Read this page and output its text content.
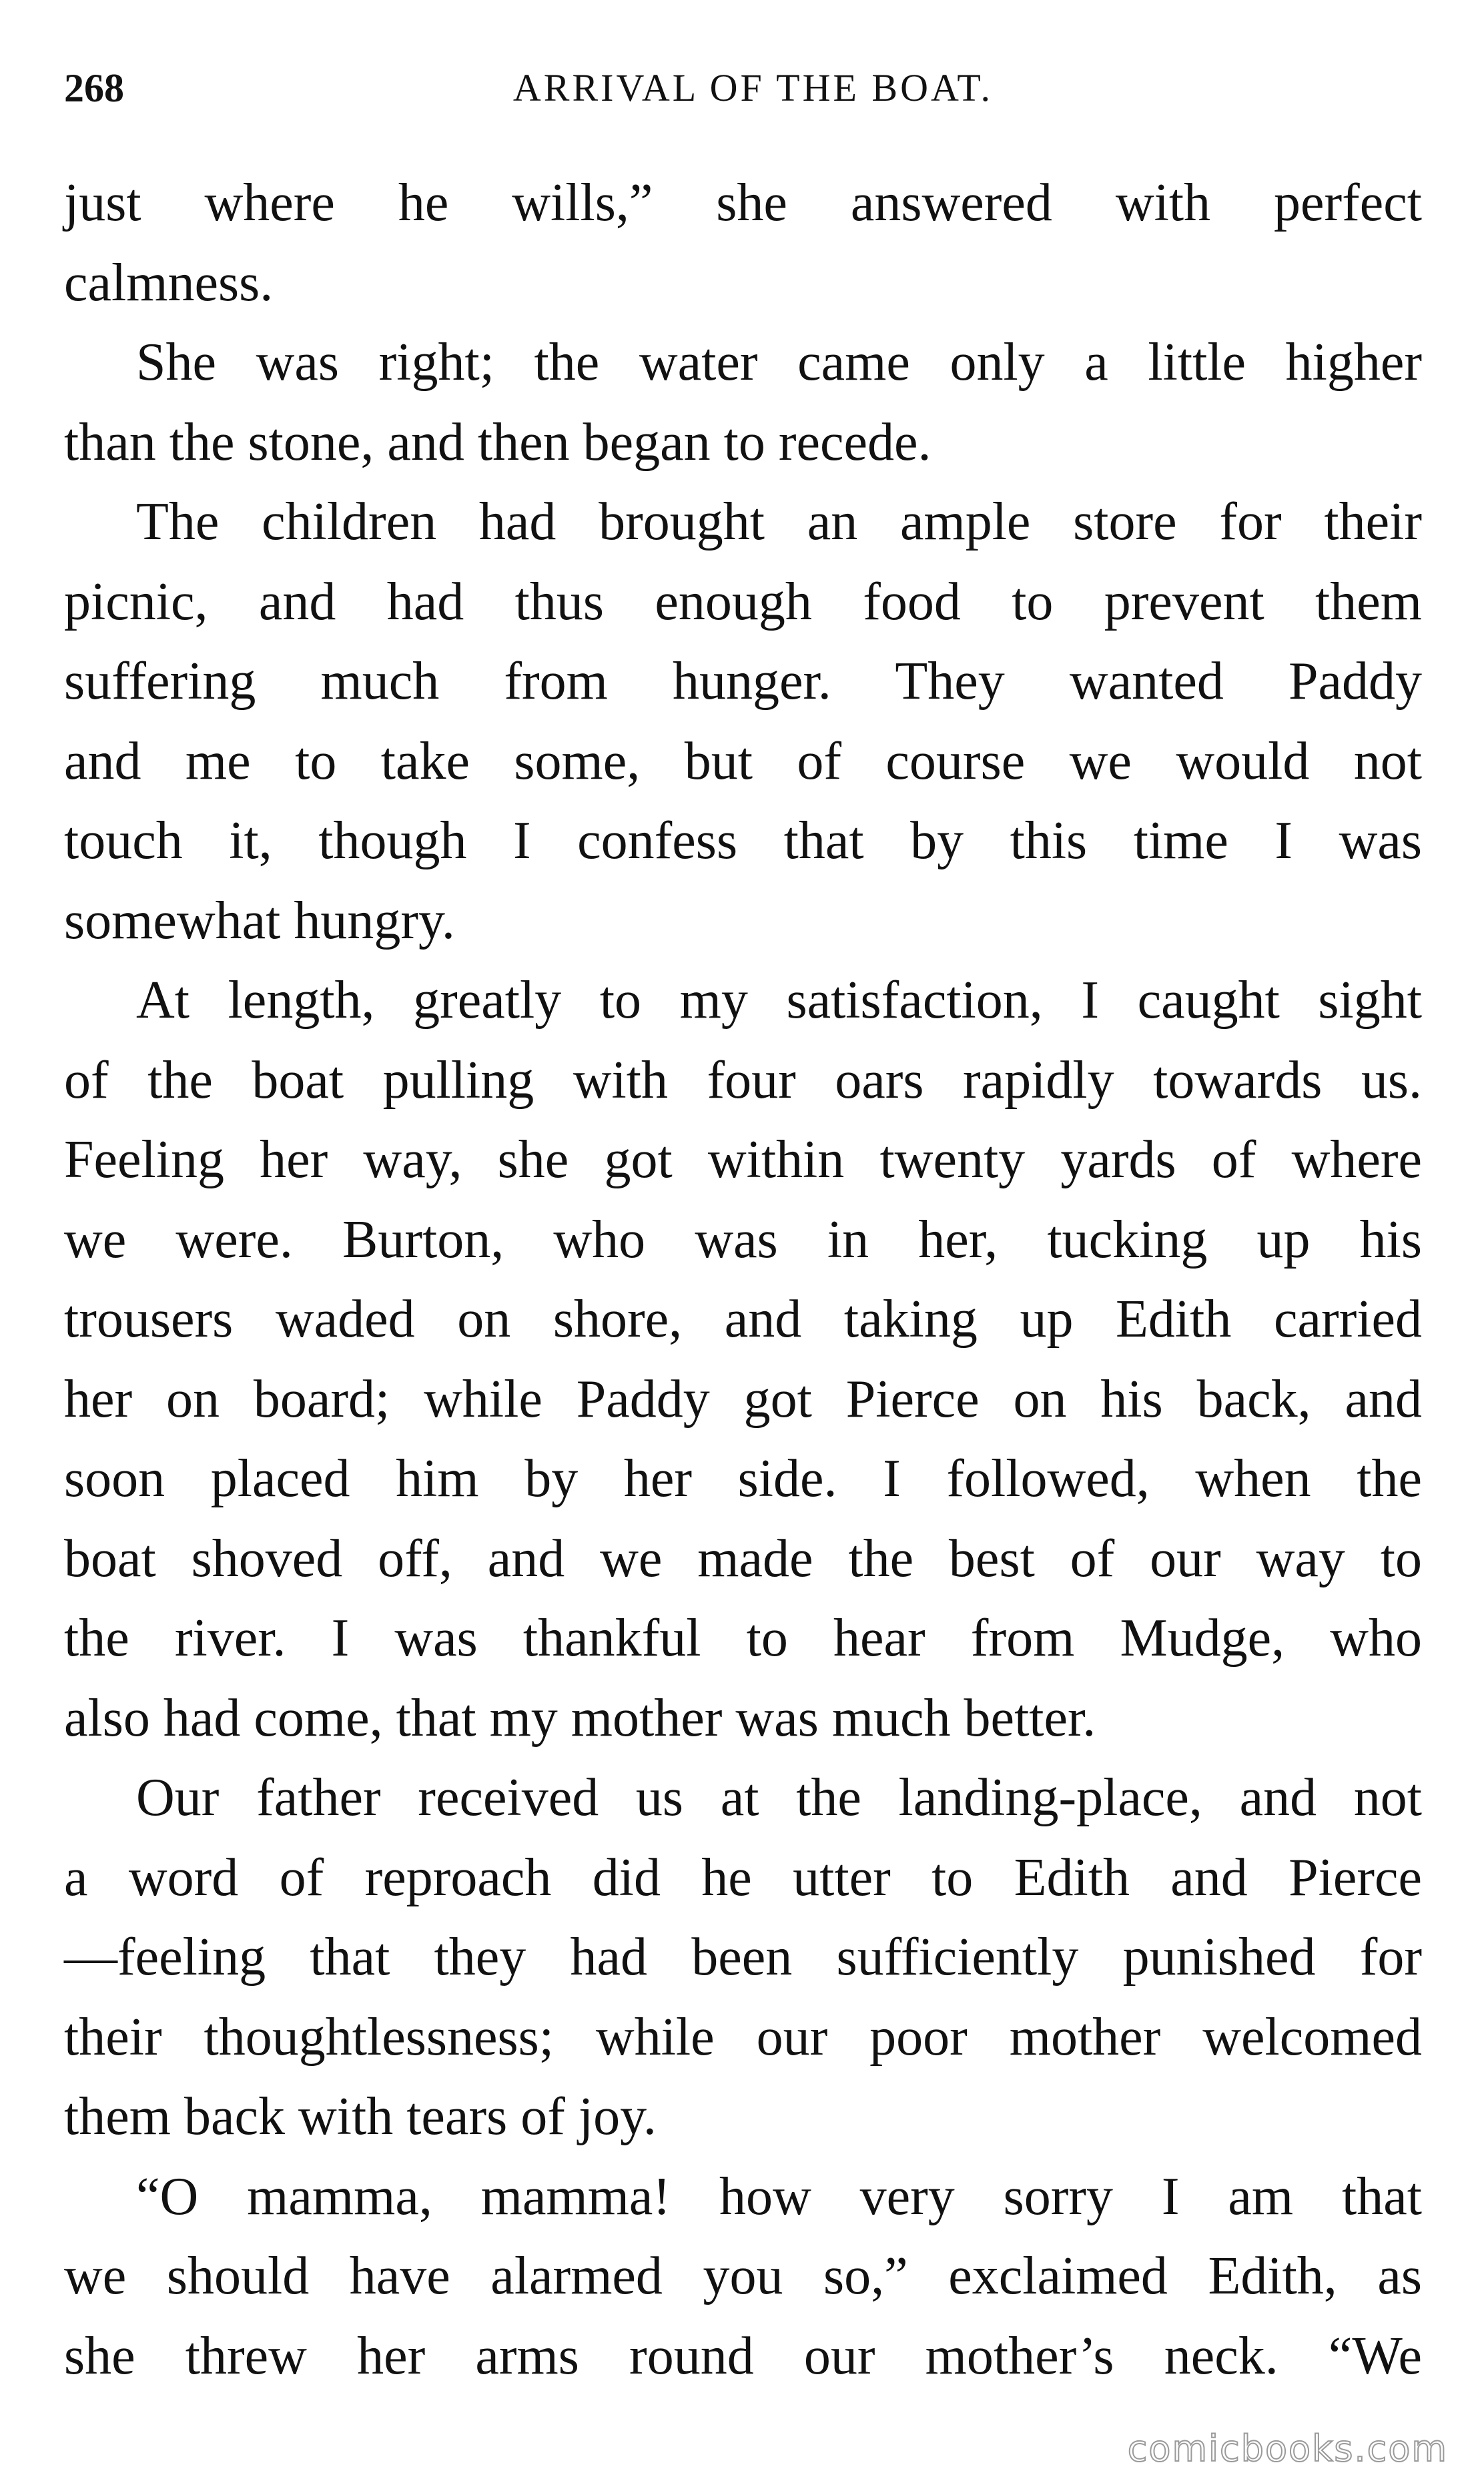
268	ARRIVAL OF THE BOAT.
just where he wills,” she answered with perfect
calmness.
She was right; the water came only a little higher
than the stone, and then began to recede.
The children had brought an ample store for their
picnic, and had thus enough food to prevent them
suffering much from hunger. They wanted Paddy
and me to take some, but of course we would not
touch it, though I confess that by this time I was
somewhat hungry.
At length, greatly to my satisfaction, I caught sight
of the boat pulling with four oars rapidly towards us.
Feeling her way, she got within twenty yards of where
we were. Burton, who was in her, tucking up his
trousers waded on shore, and taking up Edith carried
her on board; while Paddy got Pierce on his back, and
soon placed him by her side. I followed, when the
boat shoved off, and we made the best of our way to
the river. I was thankful to hear from Mudge, who
also had come, that my mother was much better.
Our father received us at the landing-place, and not
a word of reproach did he utter to Edith and Pierce
—feeling that they had been sufficiently punished for
their thoughtlessness; while our poor mother welcomed
them back with tears of joy.
“O mamma, mamma! how very sorry I am that
we should have alarmed you so,” exclaimed Edith, as
she threw her arms round our mother’s neck. “We
comicbooks.com
